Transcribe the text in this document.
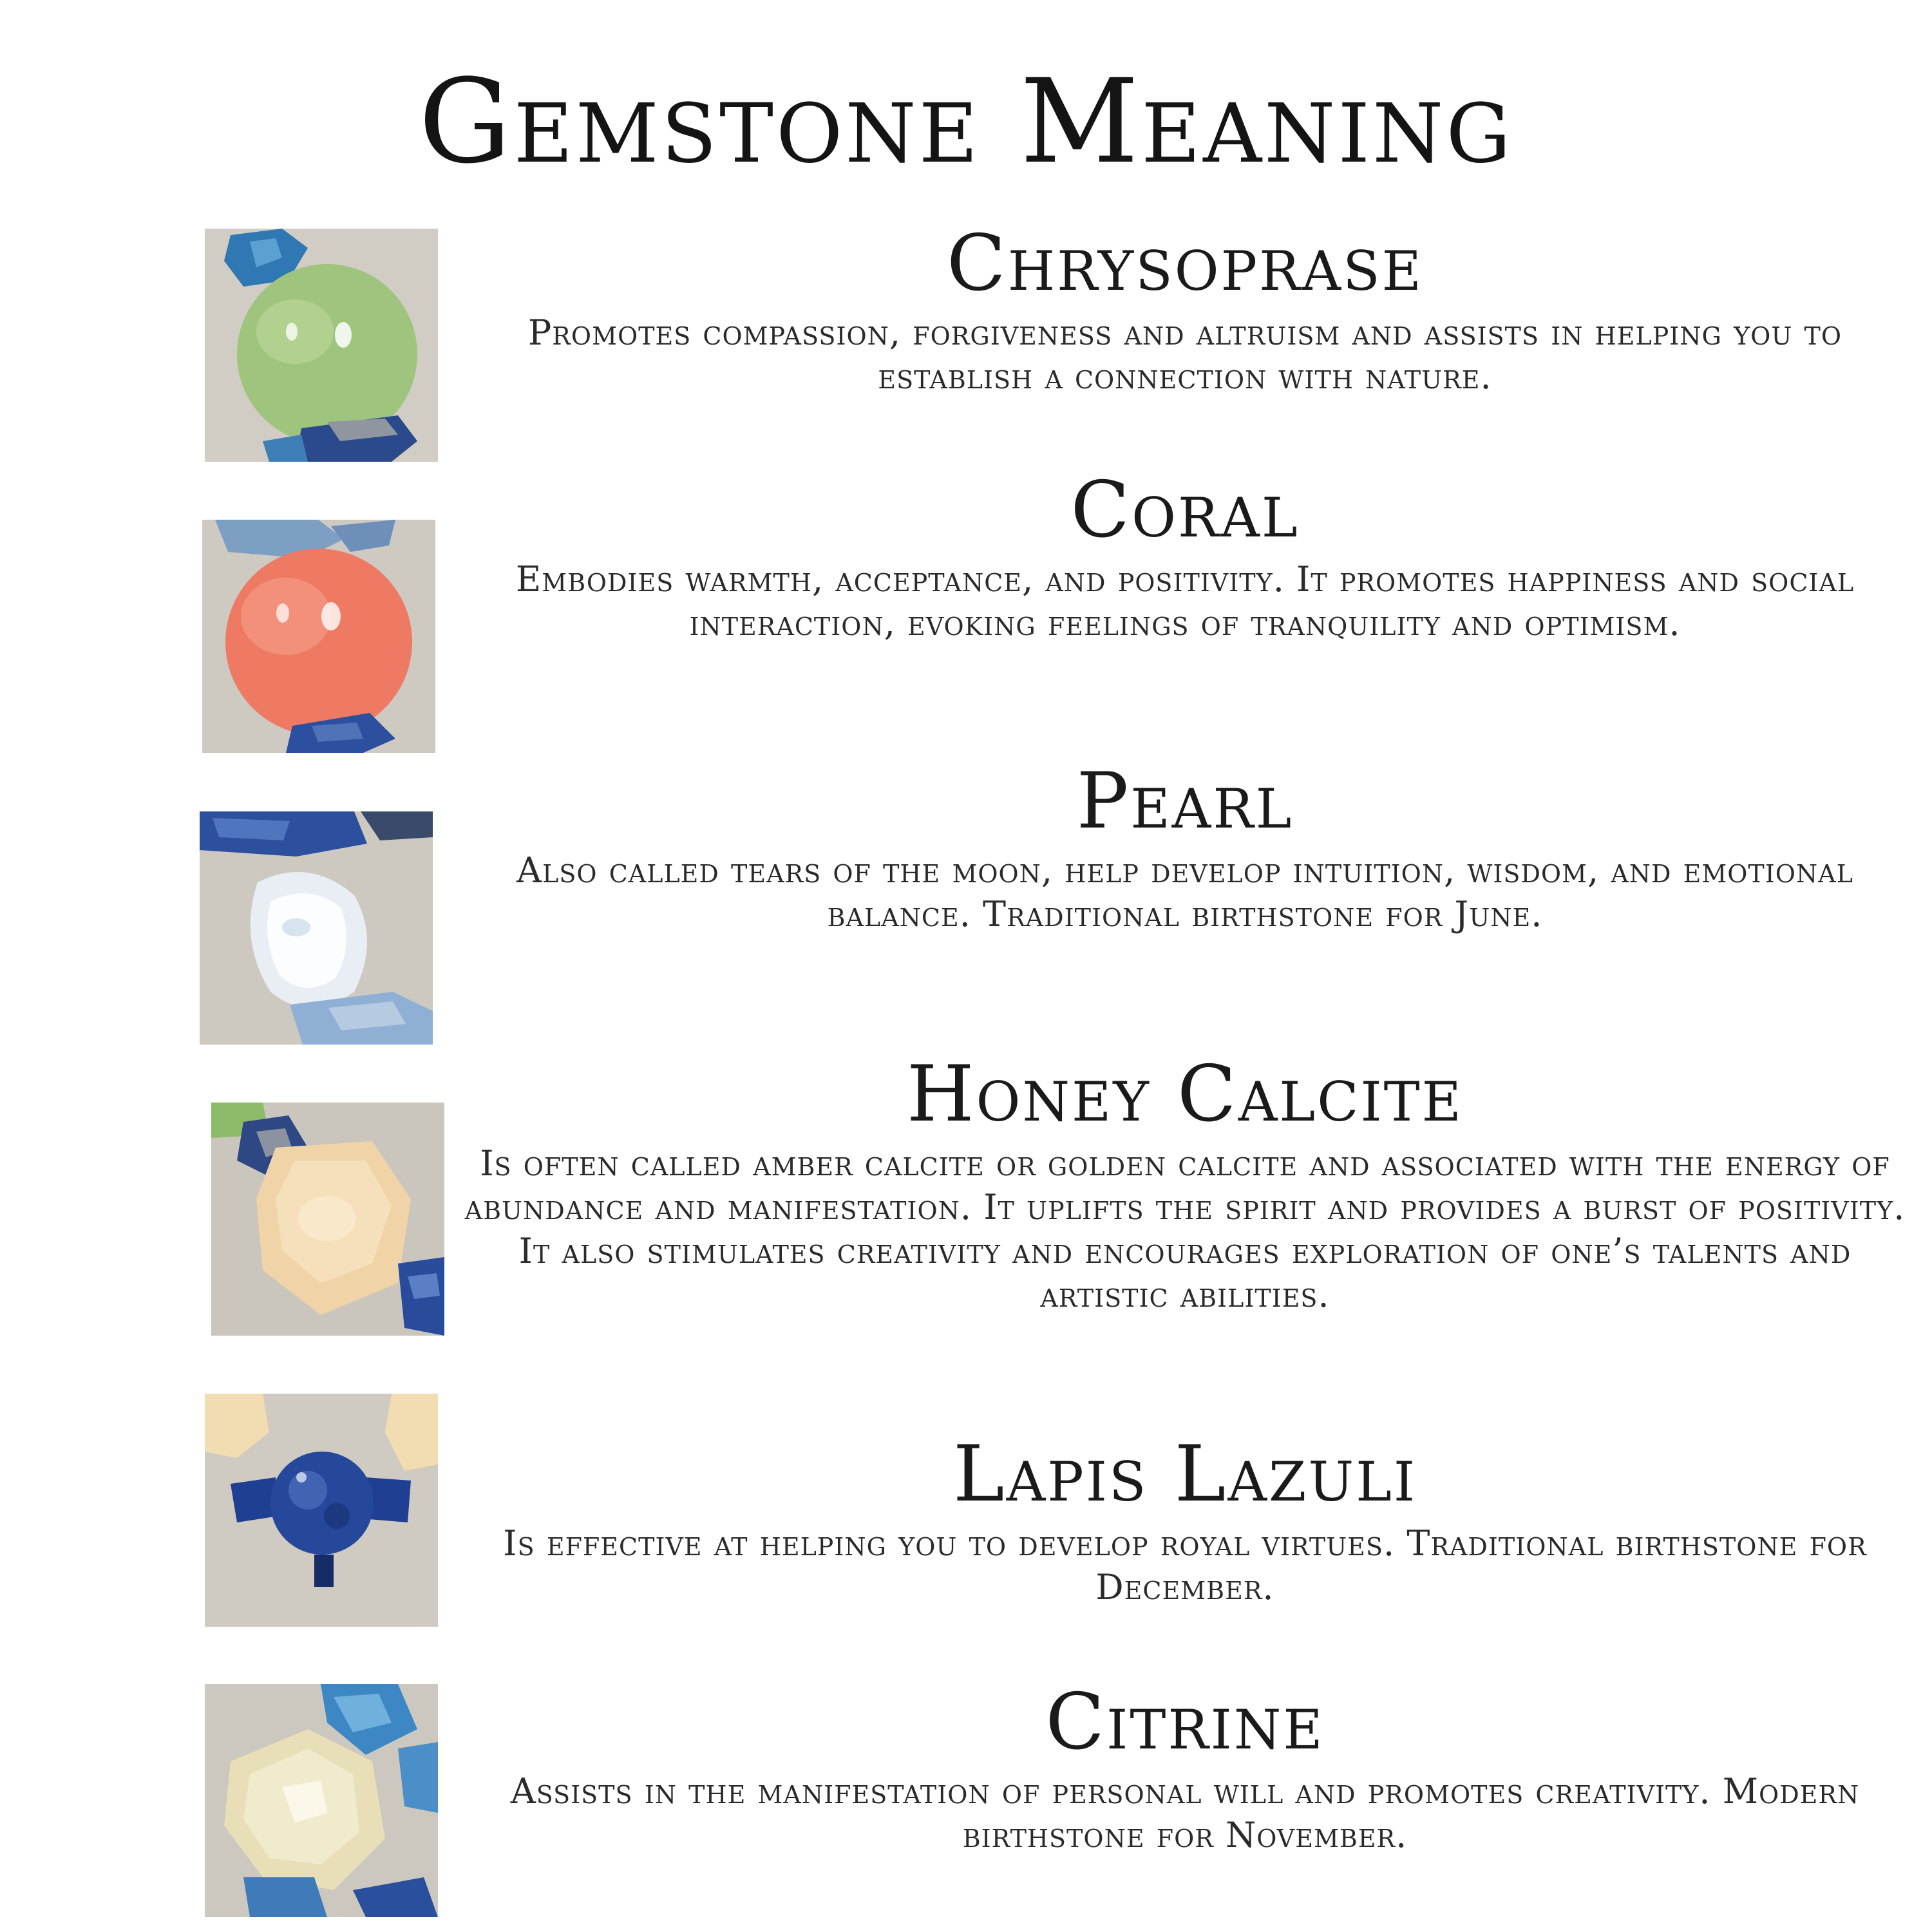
Gemstone Meaning
Chrysoprase
Promotes compassion, forgiveness and altruism and assists in helping you to establish a connection with nature.
Coral
Embodies warmth, acceptance, and positivity. It promotes happiness and social interaction, evoking feelings of tranquility and optimism.
Pearl
Also called tears of the moon, help develop intuition, wisdom, and emotional balance. Traditional birthstone for June.
Honey Calcite
Is often called amber calcite or golden calcite and associated with the energy of abundance and manifestation. It uplifts the spirit and provides a burst of positivity. It also stimulates creativity and encourages exploration of one’s talents and artistic abilities.
Lapis Lazuli
Is effective at helping you to develop royal virtues. Traditional birthstone for December.
Citrine
Assists in the manifestation of personal will and promotes creativity. Modern birthstone for November.
